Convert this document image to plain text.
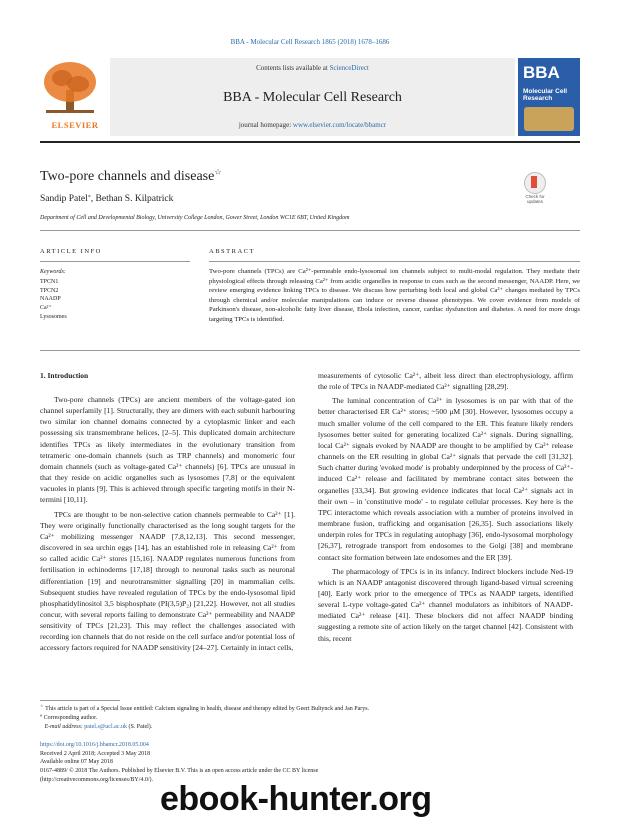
BBA - Molecular Cell Research 1865 (2018) 1678–1686
ELSEVIER
Contents lists available at ScienceDirect
BBA - Molecular Cell Research
journal homepage: www.elsevier.com/locate/bbamcr
BBA
Molecular Cell Research
Two-pore channels and disease☆
Sandip Patel⁎, Bethan S. Kilpatrick	Check for updates
Department of Cell and Developmental Biology, University College London, Gower Street, London WC1E 6BT, United Kingdom
ARTICLE INFO
Keywords:
TPCN1
TPCN2
NAADP
Ca²⁺
Lysosomes
ABSTRACT
Two-pore channels (TPCs) are Ca²⁺-permeable endo-lysosomal ion channels subject to multi-modal regulation. They mediate their physiological effects through releasing Ca²⁺ from acidic organelles in response to cues such as the second messenger, NAADP. Here, we review emerging evidence linking TPCs to disease. We discuss how perturbing both local and global Ca²⁺ changes mediated by TPCs through chemical and/or molecular manipulations can induce or reverse disease phenotypes. We cover evidence from models of Parkinson's disease, non-alcoholic fatty liver disease, Ebola infection, cancer, cardiac dysfunction and diabetes. A need for more drugs targeting TPCs is identified.
1. Introduction

Two-pore channels (TPCs) are ancient members of the voltage-gated ion channel superfamily [1]. Structurally, they are dimers with each subunit harbouring two similar ion channel domains connected by a cytoplasmic linker and each possessing six transmembrane helices, [2–5]. This duplicated domain architecture identifies TPCs as likely intermediates in the evolutionary transition from tetrameric one-domain channels (such as TRP channels) and monomeric four domain channels (such as voltage-gated Ca²⁺ channels) [6]. TPCs are unusual in that they reside on acidic organelles such as lysosomes [7,8] or the equivalent vacuoles in plants [9]. This is achieved through specific targeting motifs in their N-termini [10,11].

TPCs are thought to be non-selective cation channels permeable to Ca²⁺ [1]. They were originally functionally characterised as the long sought targets for the Ca²⁺ mobilizing messenger NAADP [7,8,12,13]. This second messenger, discovered in sea urchin eggs [14], has an established role in releasing Ca²⁺ from so called acidic Ca²⁺ stores [15,16]. NAADP regulates numerous functions from fertilisation in echinoderms [17,18] through to neuronal tasks such as neuronal differentiation [19] and neurotransmitter signalling [20] in mammalian cells. Subsequent studies have revealed regulation of TPCs by the endo-lysosomal lipid phosphatidylinositol 3,5 bisphosphate (PI(3,5)P₂) [21,22]. However, not all studies concur, with several reports failing to demonstrate Ca²⁺ permeability and NAADP sensitivity of TPCs [21,23]. This may reflect the challenges associated with recording ion channels that do not reside on the cell surface and/or potential loss of accessory factors required for NAADP sensitivity [24–27]. Certainly in intact cells,

measurements of cytosolic Ca²⁺, albeit less direct than electrophysiology, affirm the role of TPCs in NAADP-mediated Ca²⁺ signalling [28,29].

The luminal concentration of Ca²⁺ in lysosomes is on par with that of the better characterised ER Ca²⁺ stores; ~500 μM [30]. However, lysosomes occupy a much smaller volume of the cell compared to the ER. This feature likely renders lysosomes better suited for generating localized Ca²⁺ signals. During signalling, local Ca²⁺ signals evoked by NAADP are thought to be amplified by Ca²⁺ release channels on the ER resulting in global Ca²⁺ signals that pervade the cell [31,32]. Such chatter during 'evoked mode' is probably underpinned by the process of Ca²⁺-induced Ca²⁺ release and facilitated by membrane contact sites between the organelles [33,34]. But growing evidence indicates that local Ca²⁺ signals act in their own – in 'constitutive mode' - to regulate cellular processes. Key here is the TPC interactome which reveals association with a number of proteins involved in membrane fusion, trafficking and organisation [26,35]. Such associations likely underpin roles for TPCs in regulating autophagy [36], endo-lysosomal morphology [26,37], retrograde transport from endosomes to the Golgi [38] and membrane contact site formation between late endosomes and the ER [39].

The pharmacology of TPCs is in its infancy. Indirect blockers include Ned-19 which is an NAADP antagonist discovered through ligand-based virtual screening [40]. Early work prior to the emergence of TPCs as NAADP targets, identified several L-type voltage-gated Ca²⁺ channel modulators as inhibitors of NAADP-mediated Ca²⁺ release [41]. These blockers did not affect NAADP binding suggesting a remote site of action likely on the target channel [42]. Consistent with this, recent

☆ This article is part of a Special Issue entitled: Calcium signaling in health, disease and therapy edited by Geert Bultynck and Jan Parys.
⁎ Corresponding author.
E-mail address: patel.s@ucl.ac.uk (S. Patel).
https://doi.org/10.1016/j.bbamcr.2018.05.004
Received 2 April 2018; Accepted 3 May 2018
Available online 07 May 2018
0167-4889/ © 2018 The Authors. Published by Elsevier B.V. This is an open access article under the CC BY license
(http://creativecommons.org/licenses/BY/4.0/).
ebook-hunter.org
